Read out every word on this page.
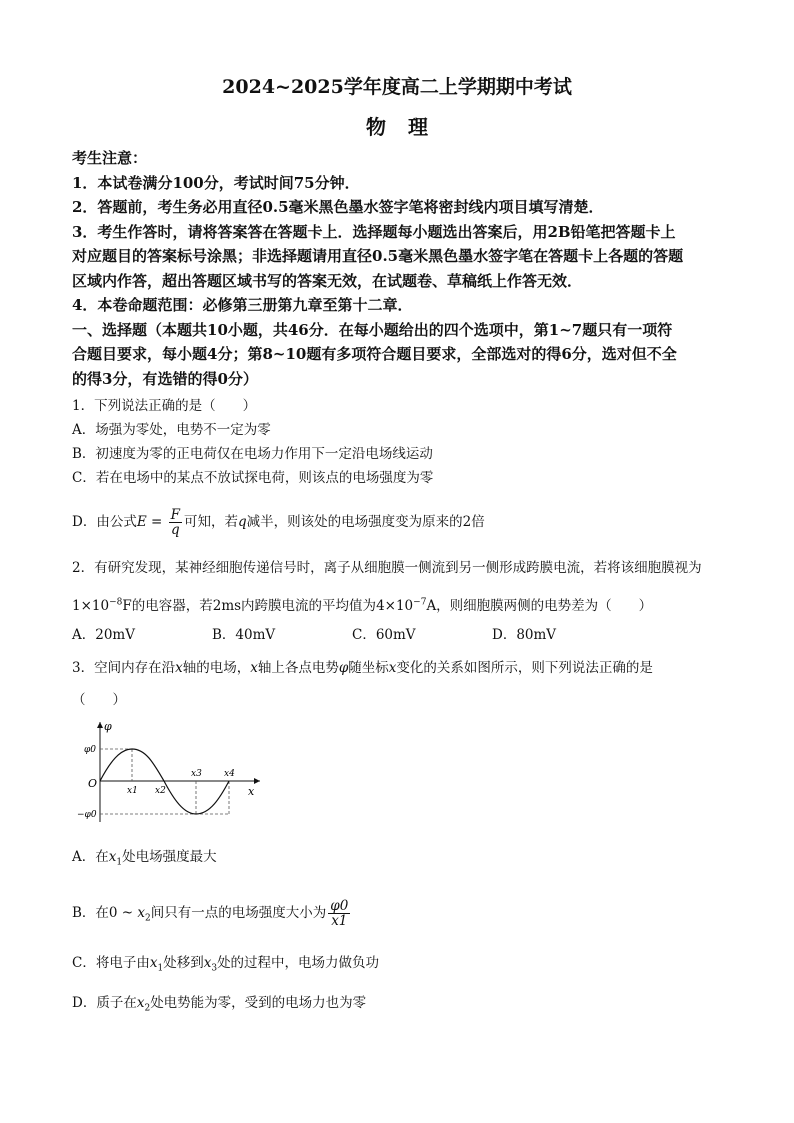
2024~2025学年度高二上学期期中考试
物理
考生注意：
1．本试卷满分100分，考试时间75分钟．
2．答题前，考生务必用直径0.5毫米黑色墨水签字笔将密封线内项目填写清楚．
3．考生作答时，请将答案答在答题卡上．选择题每小题选出答案后，用2B铅笔把答题卡上
对应题目的答案标号涂黑；非选择题请用直径0.5毫米黑色墨水签字笔在答题卡上各题的答题
区域内作答，超出答题区域书写的答案无效，在试题卷、草稿纸上作答无效．
4．本卷命题范围：必修第三册第九章至第十二章．
一、选择题（本题共10小题，共46分．在每小题给出的四个选项中，第1~7题只有一项符
合题目要求，每小题4分；第8~10题有多项符合题目要求，全部选对的得6分，选对但不全
的得3分，有选错的得0分）
1．下列说法正确的是（　　）
A．场强为零处，电势不一定为零
B．初速度为零的正电荷仅在电场力作用下一定沿电场线运动
C．若在电场中的某点不放试探电荷，则该点的电场强度为零
D．由公式$E = \frac{F}{q}$ 可知，若q减半，则该处的电场强度变为原来的2倍
2．有研究发现，某神经细胞传递信号时，离子从细胞膜一侧流到另一侧形成跨膜电流，若将该细胞膜视为
$1\times 10^{-8}F$的电容器，若2ms内跨膜电流的平均值为$4\times 10^{-7}A$，则细胞膜两侧的电势差为（　　）
A．20mV	B．40mV	C．60mV	D．80mV
3．空间内存在沿x轴的电场，x轴上各点电势φ随坐标x变化的关系如图所示，则下列说法正确的是
（　　）
φ
x
O
φ0
−φ0
x1 x2
x3 x4
A．在$x_1$处电场强度最大
B．在0 ~ $x_2$间只有一点的电场强度大小为 $\frac{\varphi 0}{x1}$
C．将电子由$x_1$处移到$x_3$处的过程中，电场力做负功
D．质子在$x_2$处电势能为零，受到的电场力也为零
